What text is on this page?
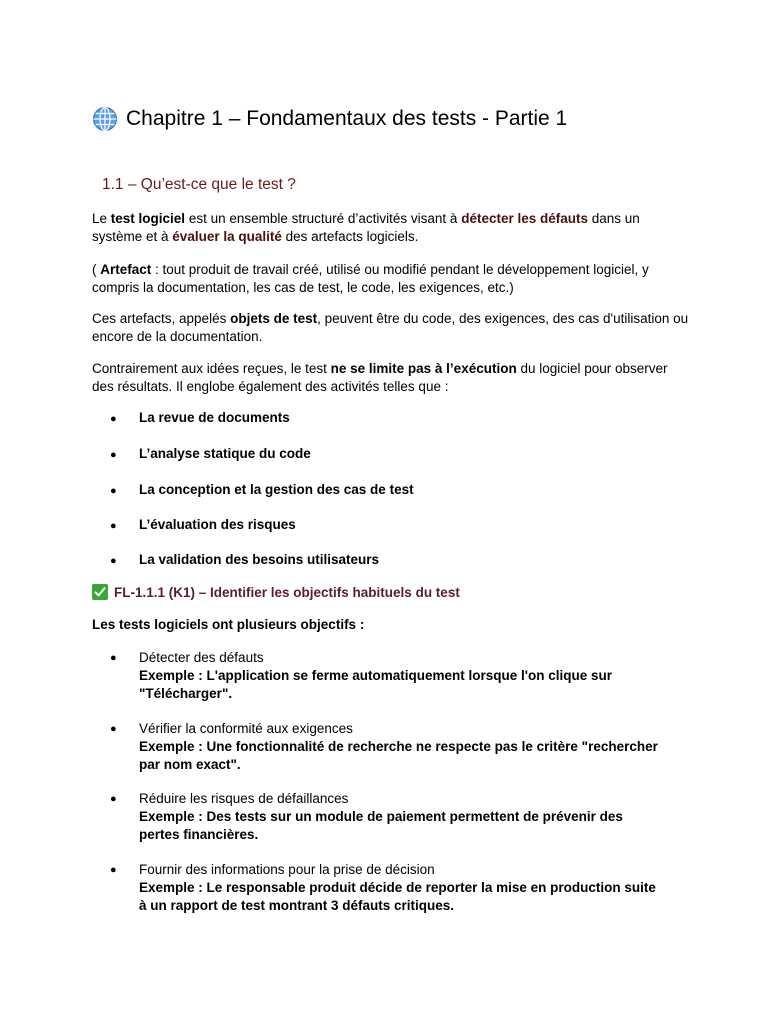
Chapitre 1 – Fondamentaux des tests - Partie 1
1.1 – Qu’est-ce que le test ?
Le test logiciel est un ensemble structuré d’activités visant à détecter les défauts dans un système et à évaluer la qualité des artefacts logiciels.
( Artefact : tout produit de travail créé, utilisé ou modifié pendant le développement logiciel, y compris la documentation, les cas de test, le code, les exigences, etc.)
Ces artefacts, appelés objets de test, peuvent être du code, des exigences, des cas d'utilisation ou encore de la documentation.
Contrairement aux idées reçues, le test ne se limite pas à l’exécution du logiciel pour observer des résultats. Il englobe également des activités telles que :
● La revue de documents
● L’analyse statique du code
● La conception et la gestion des cas de test
● L’évaluation des risques
● La validation des besoins utilisateurs
FL-1.1.1 (K1) – Identifier les objectifs habituels du test
Les tests logiciels ont plusieurs objectifs :
●	Détecter des défauts
Exemple : L'application se ferme automatiquement lorsque l'on clique sur "Télécharger".
●	Vérifier la conformité aux exigences
Exemple : Une fonctionnalité de recherche ne respecte pas le critère "rechercher par nom exact".
●	Réduire les risques de défaillances
Exemple : Des tests sur un module de paiement permettent de prévenir des pertes financières.
●	Fournir des informations pour la prise de décision
Exemple : Le responsable produit décide de reporter la mise en production suite à un rapport de test montrant 3 défauts critiques.
